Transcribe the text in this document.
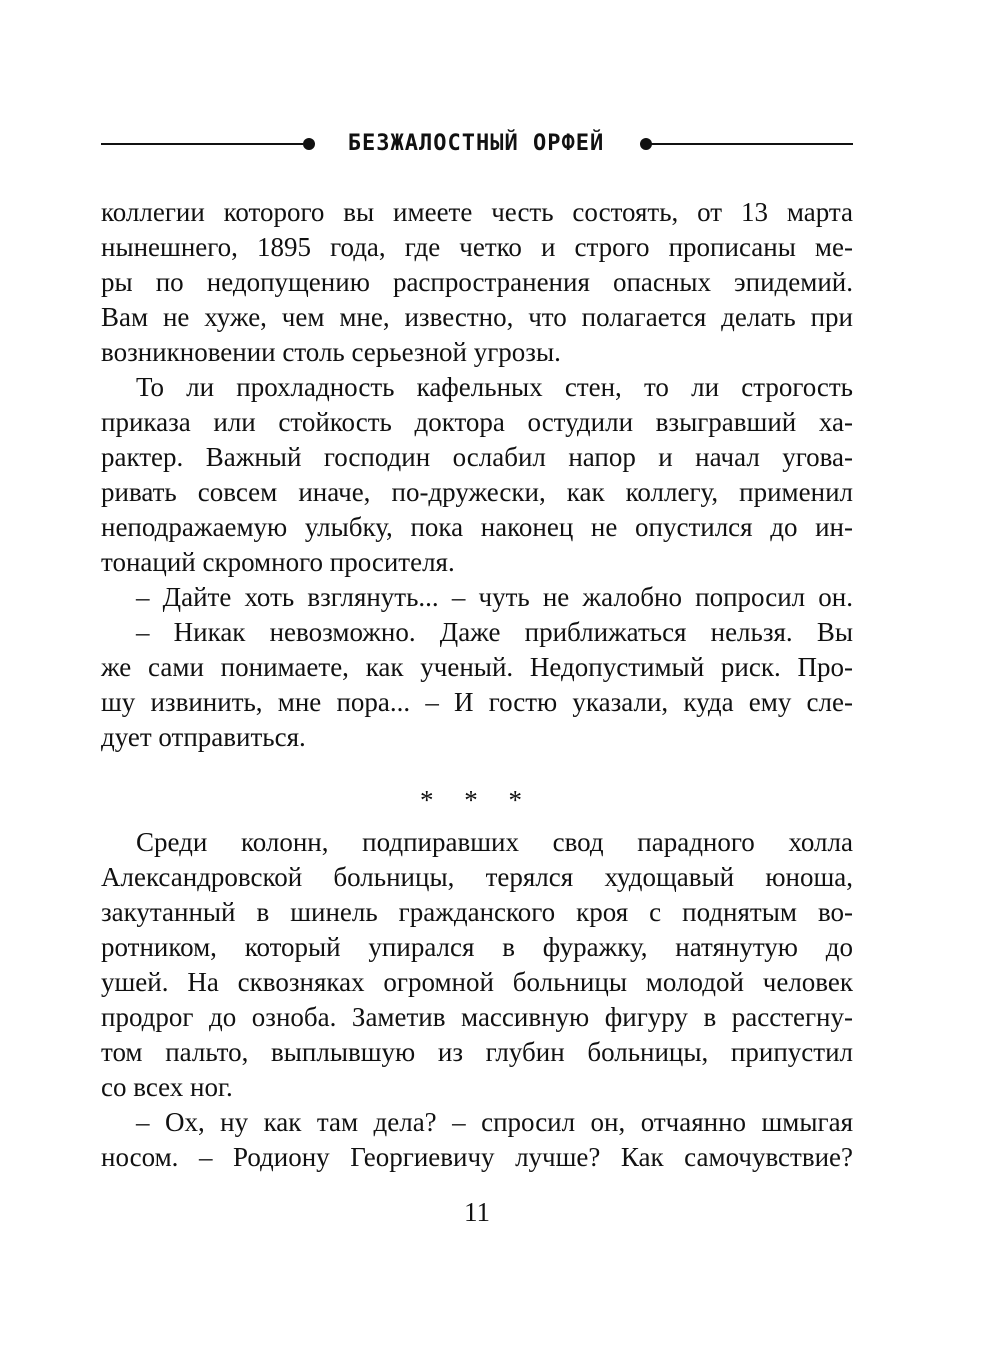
БЕЗЖАЛОСТНЫЙ ОРФЕЙ
коллегии которого вы имеете честь состоять, от 13 марта
нынешнего, 1895 года, где четко и строго прописаны ме-
ры по недопущению распространения опасных эпидемий.
Вам не хуже, чем мне, известно, что полагается делать при
возникновении столь серьезной угрозы.
То ли прохладность кафельных стен, то ли строгость
приказа или стойкость доктора остудили взыгравший ха-
рактер. Важный господин ослабил напор и начал угова-
ривать совсем иначе, по-дружески, как коллегу, применил
неподражаемую улыбку, пока наконец не опустился до ин-
тонаций скромного просителя.
– Дайте хоть взглянуть... – чуть не жалобно попросил он.
– Никак невозможно. Даже приближаться нельзя. Вы
же сами понимаете, как ученый. Недопустимый риск. Про-
шу извинить, мне пора... – И гостю указали, куда ему сле-
дует отправиться.
* * *
Среди колонн, подпиравших свод парадного холла
Александровской больницы, терялся худощавый юноша,
закутанный в шинель гражданского кроя с поднятым во-
ротником, который упирался в фуражку, натянутую до
ушей. На сквозняках огромной больницы молодой человек
продрог до озноба. Заметив массивную фигуру в расстегну-
том пальто, выплывшую из глубин больницы, припустил
со всех ног.
– Ох, ну как там дела? – спросил он, отчаянно шмыгая
носом. – Родиону Георгиевичу лучше? Как самочувствие?
11
